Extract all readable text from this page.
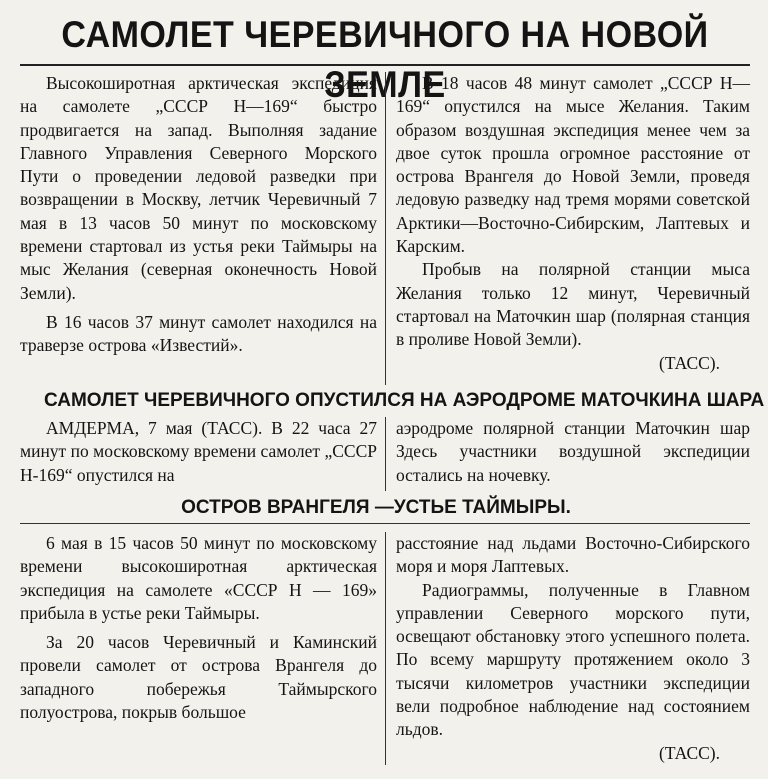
САМОЛЕТ ЧЕРЕВИЧНОГО НА НОВОЙ ЗЕМЛЕ

Высокоширотная арктическая экспедиция на самолете „СССР Н—169“ быстро продвигается на запад. Выполняя задание Главного Управления Северного Морского Пути о проведении ледовой разведки при возвращении в Москву, летчик Черевичный 7 мая в 13 часов 50 минут по московскому времени стартовал из устья реки Таймыры на мыс Желания (северная оконечность Новой Земли).

В 16 часов 37 минут самолет находился на траверзе острова «Известий».

В 18 часов 48 минут самолет „СССР Н—169“ опустился на мысе Желания. Таким образом воздушная экспедиция менее чем за двое суток прошла огромное расстояние от острова Врангеля до Новой Земли, проведя ледовую разведку над тремя морями советской Арктики—Восточно-Сибирским, Лаптевых и Карским.

Пробыв на полярной станции мыса Желания только 12 минут, Черевичный стартовал на Маточкин шар (полярная станция в проливе Новой Земли).

(ТАСС).

САМОЛЕТ ЧЕРЕВИЧНОГО ОПУСТИЛСЯ НА АЭРОДРОМЕ МАТОЧКИНА ШАРА

АМДЕРМА, 7 мая (ТАСС). В 22 часа 27 минут по московскому времени самолет „СССР Н-169“ опустился на

аэродроме полярной станции Маточкин шар Здесь участники воздушной экспедиции остались на ночевку.

ОСТРОВ ВРАНГЕЛЯ —УСТЬЕ ТАЙМЫРЫ.

6 мая в 15 часов 50 минут по московскому времени высокоширотная арктическая экспедиция на самолете «СССР Н — 169» прибыла в устье реки Таймыры.

За 20 часов Черевичный и Каминский провели самолет от острова Врангеля до западного побережья Таймырского полуострова, покрыв большое

расстояние над льдами Восточно-Сибирского моря и моря Лаптевых.

Радиограммы, полученные в Главном управлении Северного морского пути, освещают обстановку этого успешного полета. По всему маршруту протяжением около 3 тысячи километров участники экспедиции вели подробное наблюдение над состоянием льдов.

(ТАСС).
